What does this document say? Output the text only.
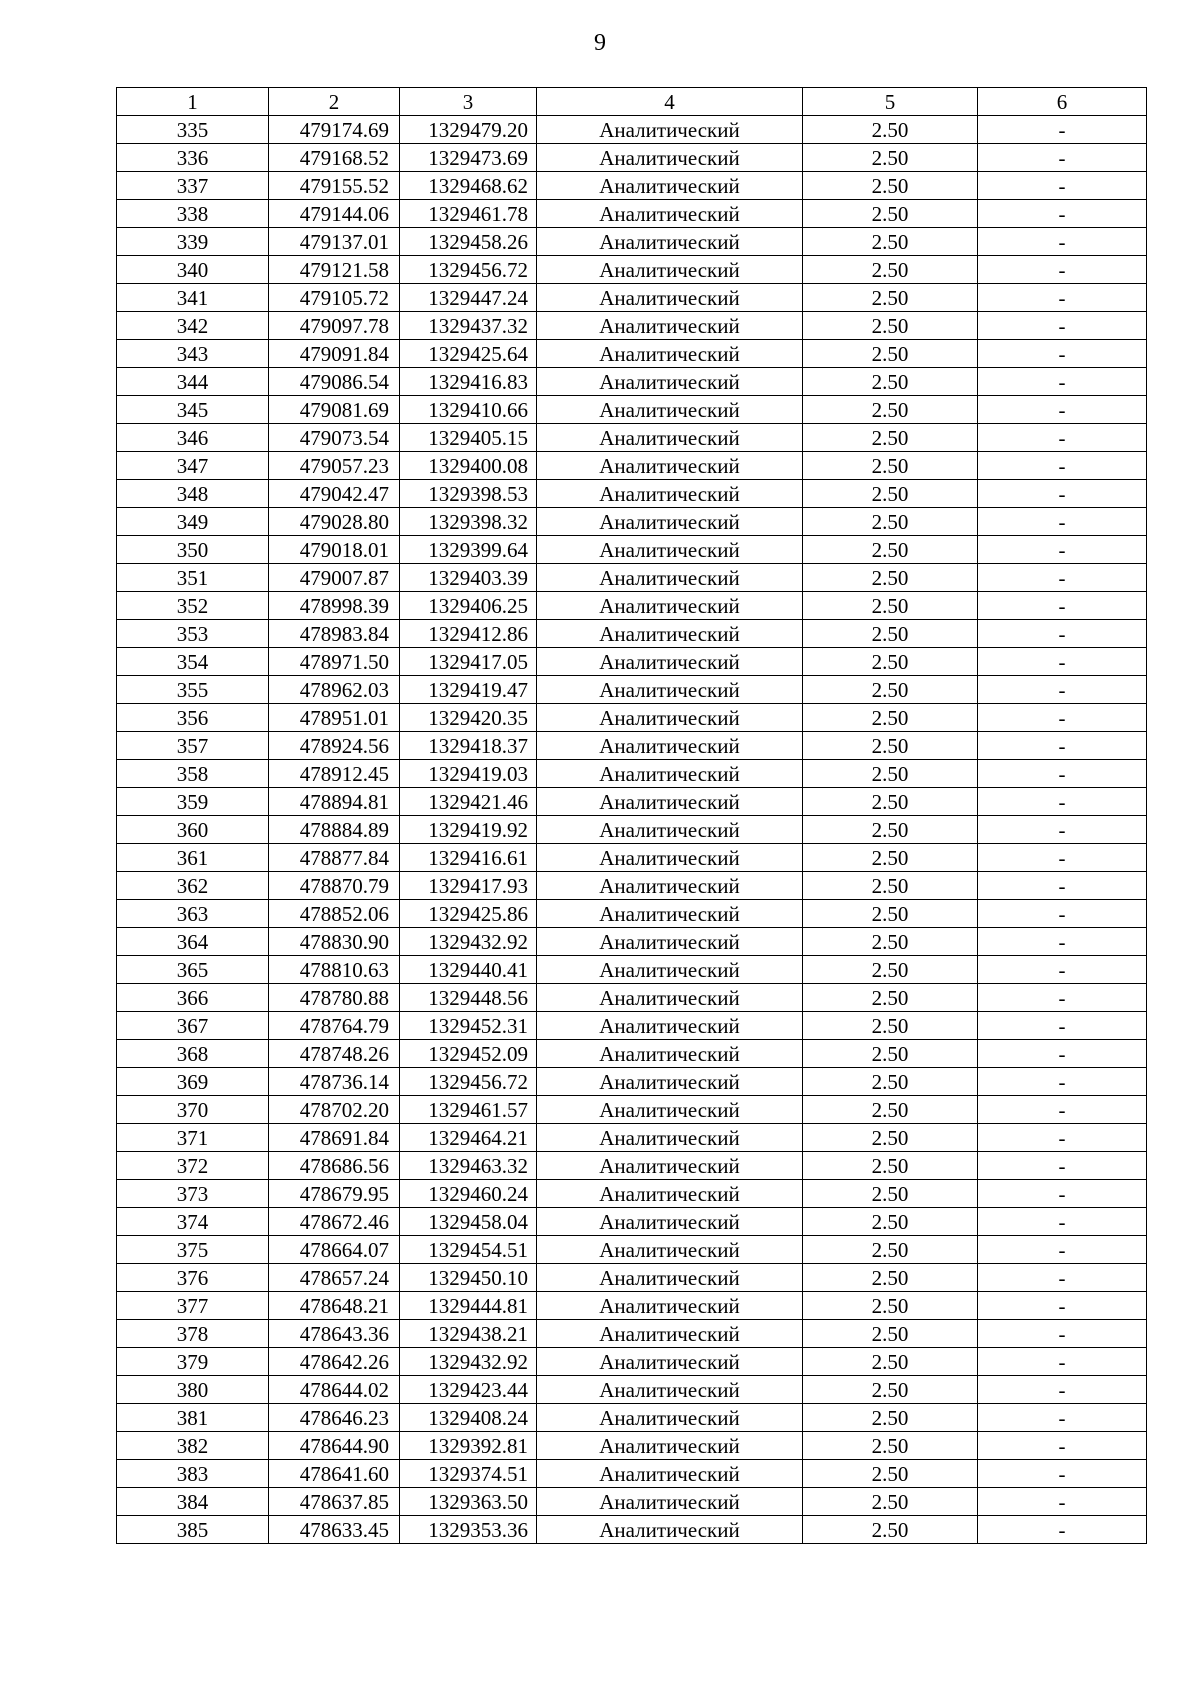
9
1	2	3	4	5	6
335	479174.69	1329479.20	Аналитический	2.50	-
336	479168.52	1329473.69	Аналитический	2.50	-
337	479155.52	1329468.62	Аналитический	2.50	-
338	479144.06	1329461.78	Аналитический	2.50	-
339	479137.01	1329458.26	Аналитический	2.50	-
340	479121.58	1329456.72	Аналитический	2.50	-
341	479105.72	1329447.24	Аналитический	2.50	-
342	479097.78	1329437.32	Аналитический	2.50	-
343	479091.84	1329425.64	Аналитический	2.50	-
344	479086.54	1329416.83	Аналитический	2.50	-
345	479081.69	1329410.66	Аналитический	2.50	-
346	479073.54	1329405.15	Аналитический	2.50	-
347	479057.23	1329400.08	Аналитический	2.50	-
348	479042.47	1329398.53	Аналитический	2.50	-
349	479028.80	1329398.32	Аналитический	2.50	-
350	479018.01	1329399.64	Аналитический	2.50	-
351	479007.87	1329403.39	Аналитический	2.50	-
352	478998.39	1329406.25	Аналитический	2.50	-
353	478983.84	1329412.86	Аналитический	2.50	-
354	478971.50	1329417.05	Аналитический	2.50	-
355	478962.03	1329419.47	Аналитический	2.50	-
356	478951.01	1329420.35	Аналитический	2.50	-
357	478924.56	1329418.37	Аналитический	2.50	-
358	478912.45	1329419.03	Аналитический	2.50	-
359	478894.81	1329421.46	Аналитический	2.50	-
360	478884.89	1329419.92	Аналитический	2.50	-
361	478877.84	1329416.61	Аналитический	2.50	-
362	478870.79	1329417.93	Аналитический	2.50	-
363	478852.06	1329425.86	Аналитический	2.50	-
364	478830.90	1329432.92	Аналитический	2.50	-
365	478810.63	1329440.41	Аналитический	2.50	-
366	478780.88	1329448.56	Аналитический	2.50	-
367	478764.79	1329452.31	Аналитический	2.50	-
368	478748.26	1329452.09	Аналитический	2.50	-
369	478736.14	1329456.72	Аналитический	2.50	-
370	478702.20	1329461.57	Аналитический	2.50	-
371	478691.84	1329464.21	Аналитический	2.50	-
372	478686.56	1329463.32	Аналитический	2.50	-
373	478679.95	1329460.24	Аналитический	2.50	-
374	478672.46	1329458.04	Аналитический	2.50	-
375	478664.07	1329454.51	Аналитический	2.50	-
376	478657.24	1329450.10	Аналитический	2.50	-
377	478648.21	1329444.81	Аналитический	2.50	-
378	478643.36	1329438.21	Аналитический	2.50	-
379	478642.26	1329432.92	Аналитический	2.50	-
380	478644.02	1329423.44	Аналитический	2.50	-
381	478646.23	1329408.24	Аналитический	2.50	-
382	478644.90	1329392.81	Аналитический	2.50	-
383	478641.60	1329374.51	Аналитический	2.50	-
384	478637.85	1329363.50	Аналитический	2.50	-
385	478633.45	1329353.36	Аналитический	2.50	-
